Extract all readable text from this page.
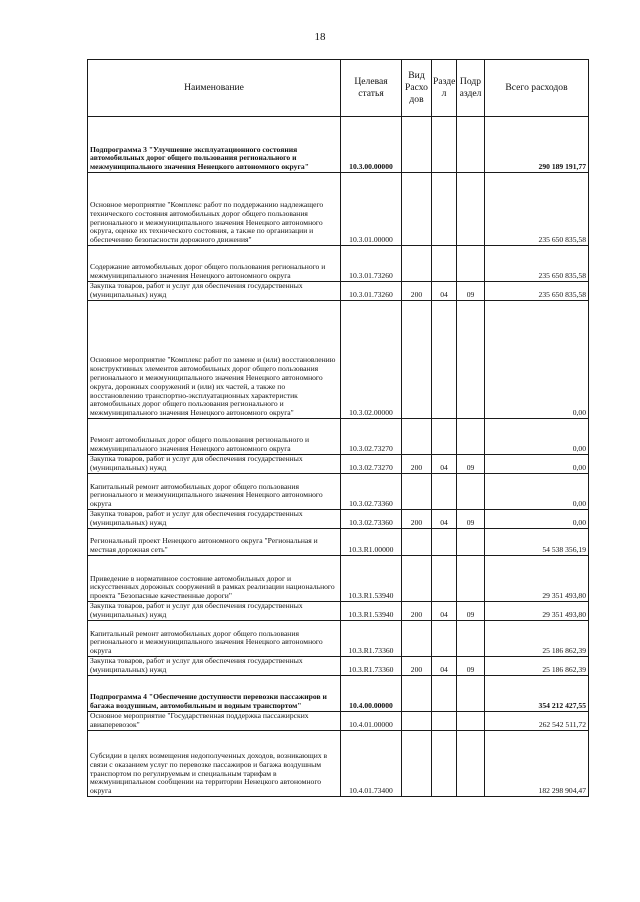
18
Наименование	Целевая статья	Вид Расхо дов	Разде л	Подр аздел	Всего расходов
Подпрограмма 3 "Улучшение эксплуатационного состояния автомобильных дорог общего пользования регионального и межмуниципального значения Ненецкого автономного округа"	10.3.00.00000				290 189 191,77
Основное мероприятие "Комплекс работ по поддержанию надлежащего технического состояния автомобильных дорог общего пользования регионального и межмуниципального значения Ненецкого автономного округа, оценке их технического состояния, а также по организации и обеспечению безопасности дорожного движения"	10.3.01.00000				235 650 835,58
Содержание автомобильных дорог общего пользования регионального и межмуниципального значения Ненецкого автономного округа	10.3.01.73260				235 650 835,58
Закупка товаров, работ и услуг для обеспечения государственных (муниципальных) нужд	10.3.01.73260	200	04	09	235 650 835,58
Основное мероприятие "Комплекс работ по замене и (или) восстановлению конструктивных элементов автомобильных дорог общего пользования регионального и межмуниципального значения Ненецкого автономного округа, дорожных сооружений и (или) их частей, а также по восстановлению транспортно-эксплуатационных характеристик автомобильных дорог общего пользования регионального и межмуниципального значения Ненецкого автономного округа"	10.3.02.00000				0,00
Ремонт автомобильных дорог общего пользования регионального и межмуниципального значения Ненецкого автономного округа	10.3.02.73270				0,00
Закупка товаров, работ и услуг для обеспечения государственных (муниципальных) нужд	10.3.02.73270	200	04	09	0,00
Капитальный ремонт автомобильных дорог общего пользования регионального и межмуниципального значения Ненецкого автономного округа	10.3.02.73360				0,00
Закупка товаров, работ и услуг для обеспечения государственных (муниципальных) нужд	10.3.02.73360	200	04	09	0,00
Региональный проект Ненецкого автономного округа "Региональная и местная дорожная сеть"	10.3.R1.00000				54 538 356,19
Приведение в нормативное состояние автомобильных дорог и искусственных дорожных сооружений в рамках реализации национального проекта "Безопасные качественные дороги"	10.3.R1.53940				29 351 493,80
Закупка товаров, работ и услуг для обеспечения государственных (муниципальных) нужд	10.3.R1.53940	200	04	09	29 351 493,80
Капитальный ремонт автомобильных дорог общего пользования регионального и межмуниципального значения Ненецкого автономного округа	10.3.R1.73360				25 186 862,39
Закупка товаров, работ и услуг для обеспечения государственных (муниципальных) нужд	10.3.R1.73360	200	04	09	25 186 862,39
Подпрограмма 4 "Обеспечение доступности перевозки пассажиров и багажа воздушным, автомобильным и водным транспортом"	10.4.00.00000				354 212 427,55
Основное мероприятие "Государственная поддержка пассажирских авиаперевозок"	10.4.01.00000				262 542 511,72
Субсидии в целях возмещения недополученных доходов, возникающих в связи с оказанием услуг по перевозке пассажиров и багажа воздушным транспортом по регулируемым и специальным тарифам в межмуниципальном сообщении на территории Ненецкого автономного округа	10.4.01.73400				182 298 904,47
